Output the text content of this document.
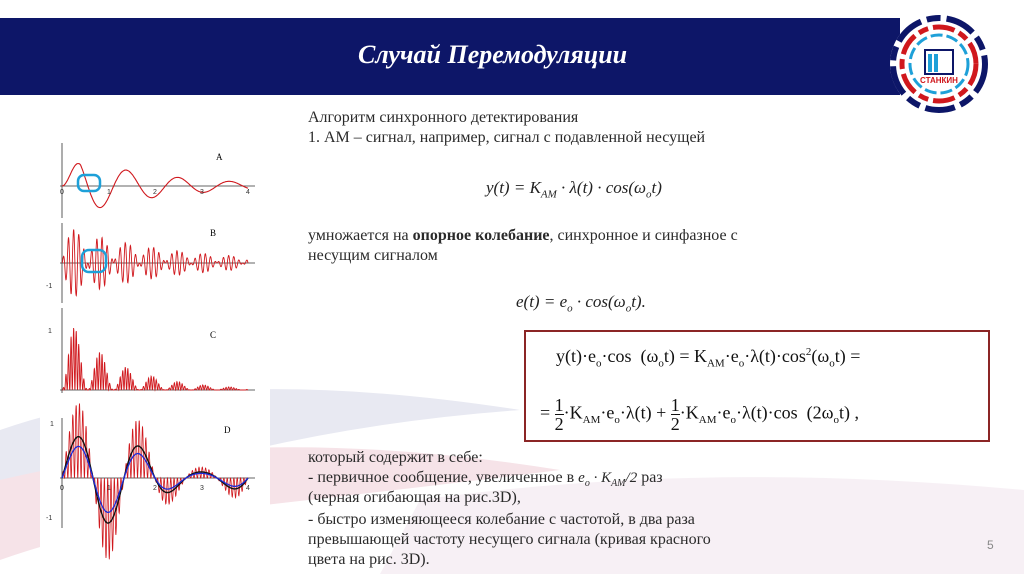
Случай Перемодуляции
СТАНКИН
A
B
C
D
0	1	2	3	4
-1
1
1
-1
0	1	2	3	4
Алгоритм синхронного детектирования
1. АМ – сигнал, например, сигнал с подавленной несущей
$y(t) = K_{AM} \cdot \lambda(t) \cdot \cos(\omega_ot)$
умножается на опорное колебание, синхронное и синфазное с
несущим сигналом
$e(t) = e_o \cdot \cos(\omega_ot)$.
$y(t)\cdot e_o\cdot\cos$  $(\omega_ot) = K_{AM}\cdot e_o\cdot\lambda(t)\cdot\cos^2(\omega_ot)$ =
= $\frac{1}{2} \cdot K_{AM}\cdot e_o\cdot\lambda(t) + \frac{1}{2} \cdot K_{AM}\cdot e_o\cdot\lambda(t)\cdot\cos$  $(2\omega_ot)$ ,
который содержит в себе:
- первичное сообщение, увеличенное в $e_o \cdot K_{AM}/2$ раз
(черная огибающая на рис.3D),
- быстро изменяющееся колебание с частотой, в два раза
превышающей частоту несущего сигнала (кривая красного
цвета на рис. 3D).
5
